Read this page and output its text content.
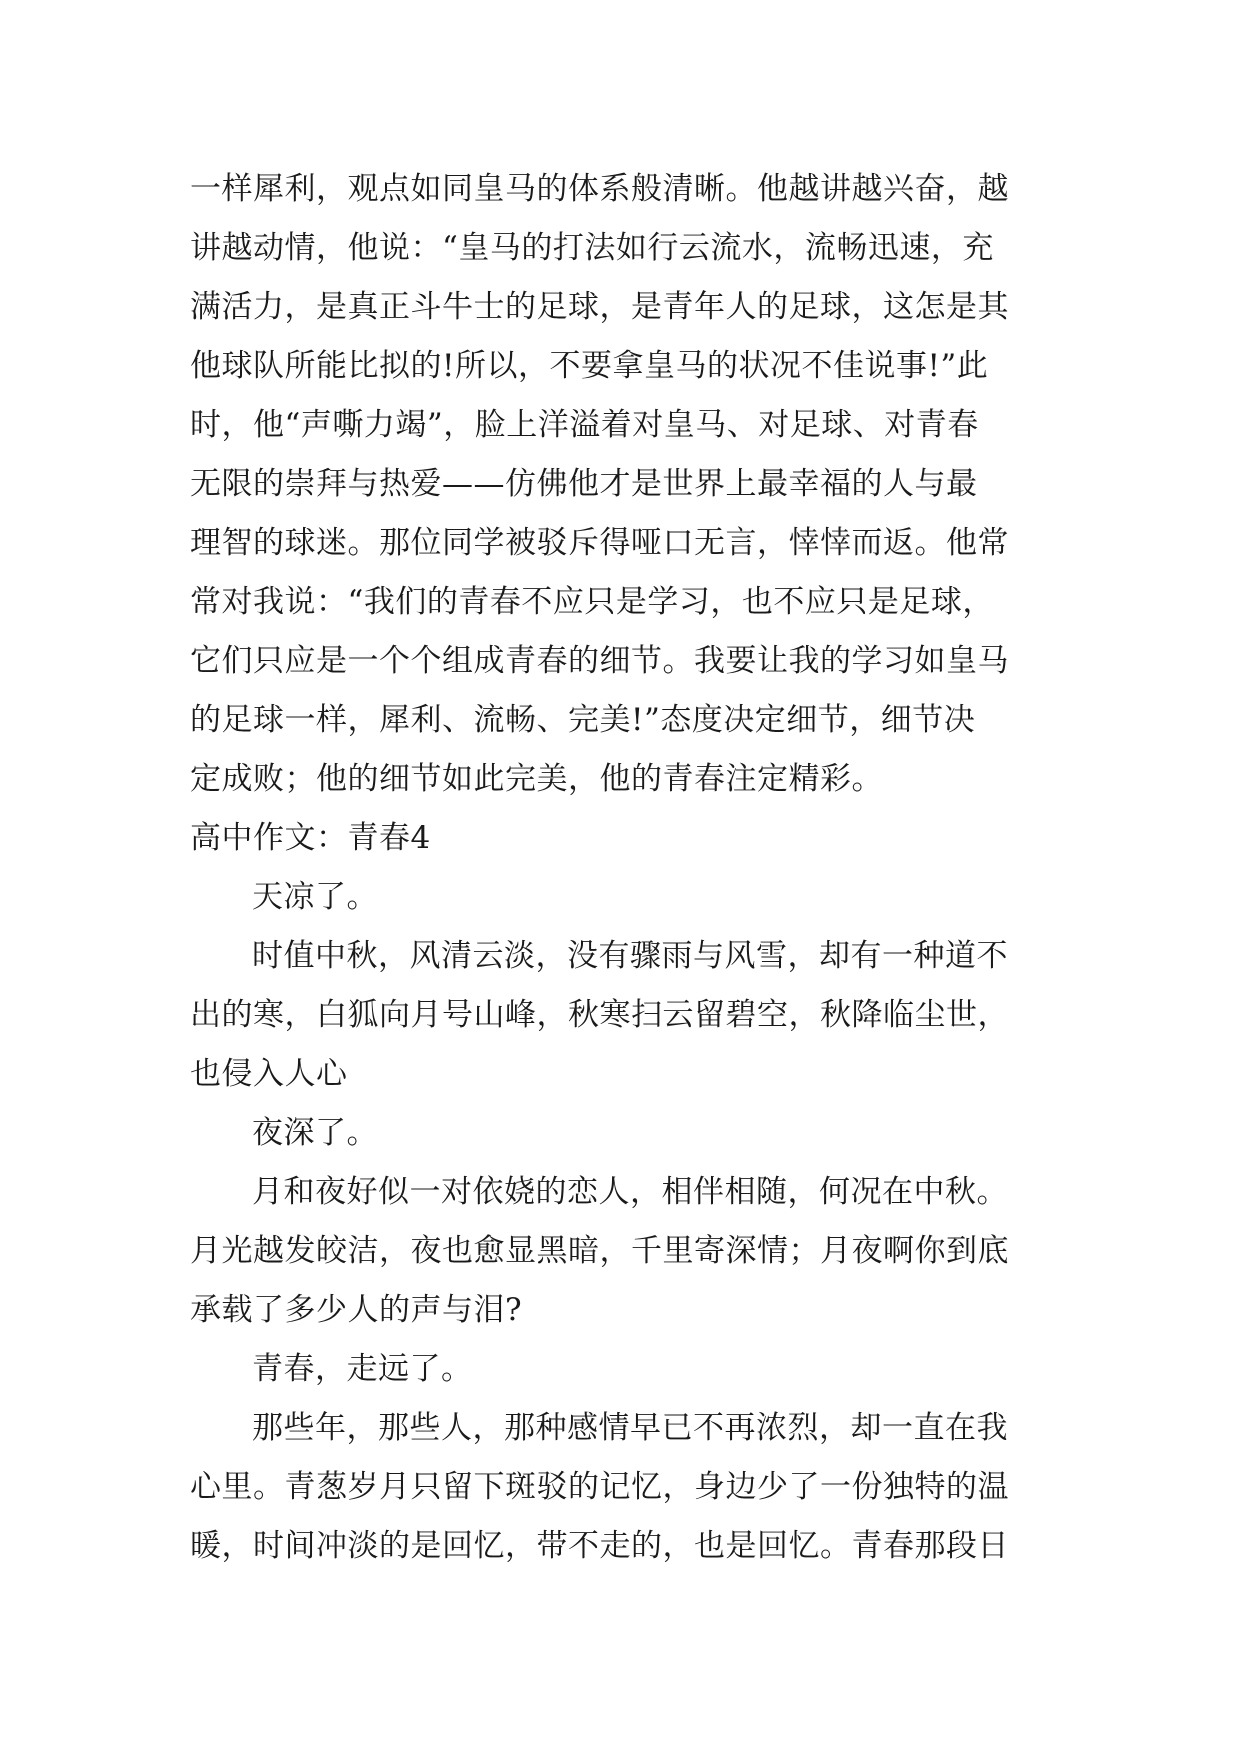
一样犀利，观点如同皇马的体系般清晰。他越讲越兴奋，越
讲越动情，他说：“皇马的打法如行云流水，流畅迅速，充
满活力，是真正斗牛士的足球，是青年人的足球，这怎是其
他球队所能比拟的!所以，不要拿皇马的状况不佳说事!”此
时，他“声嘶力竭”，脸上洋溢着对皇马、对足球、对青春
无限的崇拜与热爱——仿佛他才是世界上最幸福的人与最
理智的球迷。那位同学被驳斥得哑口无言，悻悻而返。他常
常对我说：“我们的青春不应只是学习，也不应只是足球，
它们只应是一个个组成青春的细节。我要让我的学习如皇马
的足球一样，犀利、流畅、完美!”态度决定细节，细节决
定成败；他的细节如此完美，他的青春注定精彩。
高中作文：青春4
天凉了。
时值中秋，风清云淡，没有骤雨与风雪，却有一种道不
出的寒，白狐向月号山峰，秋寒扫云留碧空，秋降临尘世，
也侵入人心
夜深了。
月和夜好似一对依娆的恋人，相伴相随，何况在中秋。
月光越发皎洁，夜也愈显黑暗，千里寄深情；月夜啊你到底
承载了多少人的声与泪?
青春，走远了。
那些年，那些人，那种感情早已不再浓烈，却一直在我
心里。青葱岁月只留下斑驳的记忆，身边少了一份独特的温
暖，时间冲淡的是回忆，带不走的，也是回忆。青春那段日
